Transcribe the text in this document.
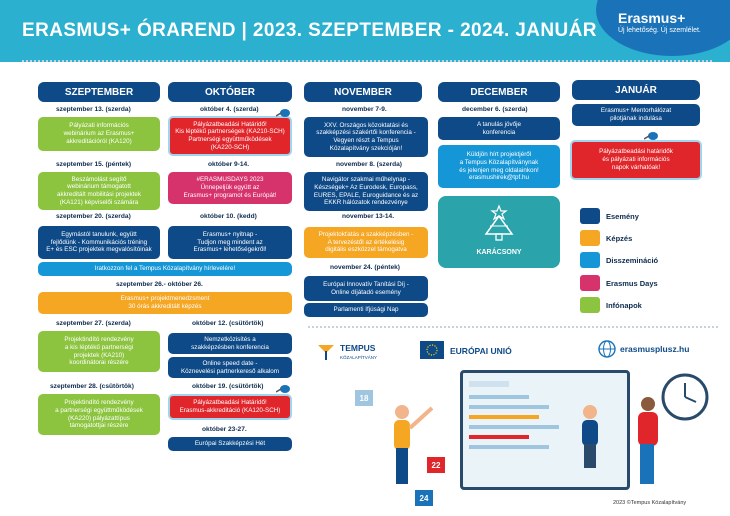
ERASMUS+ ÓRAREND | 2023. SZEPTEMBER - 2024. JANUÁR
Erasmus+
Új lehetőség. Új szemlélet.
SZEPTEMBER	OKTÓBER	NOVEMBER	DECEMBER	JANUÁR
szeptember 13. (szerda)
Pályázati információs
webinárium az Erasmus+
akkreditációról (KA120)
szeptember 15. (péntek)
Beszámolást segítő
webinárium támogatott
akkreditált mobilitási projektek
(KA121) képviselői számára
szeptember 20. (szerda)
Egymástól tanulunk, együtt
fejlődünk - Kommunikációs tréning
E+ és ESC projektek megvalósítóinak
Iratkozzon fel a Tempus Közalapítvány hírlevelére!
szeptember 26.- október 26.
Erasmus+ projektmenedzsment
30 órás akkreditált képzés
szeptember 27. (szerda)
Projektindító rendezvény
a kis léptékű partnerségi
projektek (KA210)
koordinátorai részére
szeptember 28. (csütörtök)
Projektindító rendezvény
a partnerségi együttműködések
(KA220) pályázattípus
támogatottjai részére
október 4. (szerda)
Pályázatbeadási Határidő!
Kis léptékű partnerségek (KA210-SCH)
Partnerségi együttműködések
(KA220-SCH)
október 9-14.
#ERASMUSDAYS 2023
Ünnepeljük együtt az
Erasmus+ programot és Európát!
október 10. (kedd)
Erasmus+ nyitnap -
Tudjon meg mindent az
Erasmus+ lehetőségekről!
október 12. (csütörtök)
Nemzetközisítés a
szakképzésben konferencia
Online speed date -
Köznevelési partnerkereső alkalom
október 19. (csütörtök)
Pályázatbeadási Határidő!
Erasmus-akkreditáció (KA120-SCH)
október 23-27.
Európai Szakképzési Hét
november 7-9.
XXV. Országos közoktatási és
szakképzési szakértői konferencia -
Vegyen részt a Tempus
Közalapítvány szekcióján!
november 8. (szerda)
Navigátor szakmai műhelynap -
Készségek+ Az Eurodesk, Europass,
EURES, EPALE, Euroguidance és az
EKKR hálózatok rendezvénye
november 13-14.
Projektokťatás a szakképzésben -
A tervezéstől az értékelésig
digitális eszközzel támogatva
november 24. (péntek)
Európai Innovatív Tanítási Díj -
Online díjátadó esemény
Parlamenti Ifjúsági Nap
december 6. (szerda)
A tanulás jövője
konferencia
Küldjön hírt projektjéről
a Tempus Közalapítványnak
és jelenjen meg oldalainkon!
erasmushirek@tpf.hu
KARÁCSONY
Erasmus+ Mentorhálózat
pilotjának indulása
Pályázatbeadási határidők
és pályázati információs
napok várhatóak!
Esemény
Képzés
Disszemináció
Erasmus Days
Infónapok
TEMPUS
KÖZALAPÍTVÁNY
EURÓPAI UNIÓ	erasmusplusz.hu
18
22
24
2023 ©Tempus Közalapítvány
